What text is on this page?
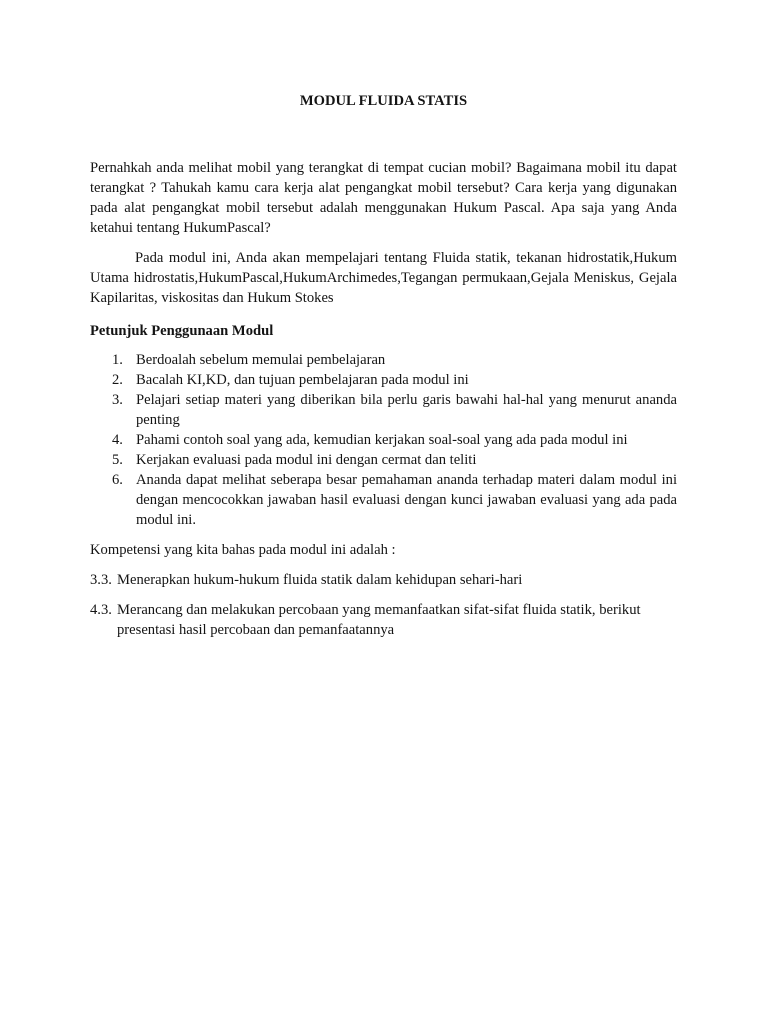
MODUL FLUIDA STATIS

Pernahkah anda melihat mobil yang terangkat di tempat cucian mobil? Bagaimana mobil itu dapat terangkat ? Tahukah kamu cara kerja alat pengangkat mobil tersebut? Cara kerja yang digunakan pada alat pengangkat mobil tersebut adalah menggunakan Hukum Pascal. Apa saja yang Anda ketahui tentang HukumPascal?

Pada modul ini, Anda akan mempelajari tentang Fluida statik, tekanan hidrostatik,Hukum Utama hidrostatis,HukumPascal,HukumArchimedes,Tegangan permukaan,Gejala Meniskus, Gejala Kapilaritas, viskositas dan Hukum Stokes

Petunjuk Penggunaan Modul
1. Berdoalah sebelum memulai pembelajaran
2. Bacalah KI,KD, dan tujuan pembelajaran pada modul ini
3. Pelajari setiap materi yang diberikan bila perlu garis bawahi hal-hal yang menurut ananda penting
4. Pahami contoh soal yang ada, kemudian kerjakan soal-soal yang ada pada modul ini
5. Kerjakan evaluasi pada modul ini dengan cermat dan teliti
6. Ananda dapat melihat seberapa besar pemahaman ananda terhadap materi dalam modul ini dengan mencocokkan jawaban hasil evaluasi dengan kunci jawaban evaluasi yang ada pada modul ini.

Kompetensi yang kita bahas pada modul ini adalah :

3.3. Menerapkan hukum-hukum fluida statik dalam kehidupan sehari-hari
4.3. Merancang dan melakukan percobaan yang memanfaatkan sifat-sifat fluida statik, berikut presentasi hasil percobaan dan pemanfaatannya
